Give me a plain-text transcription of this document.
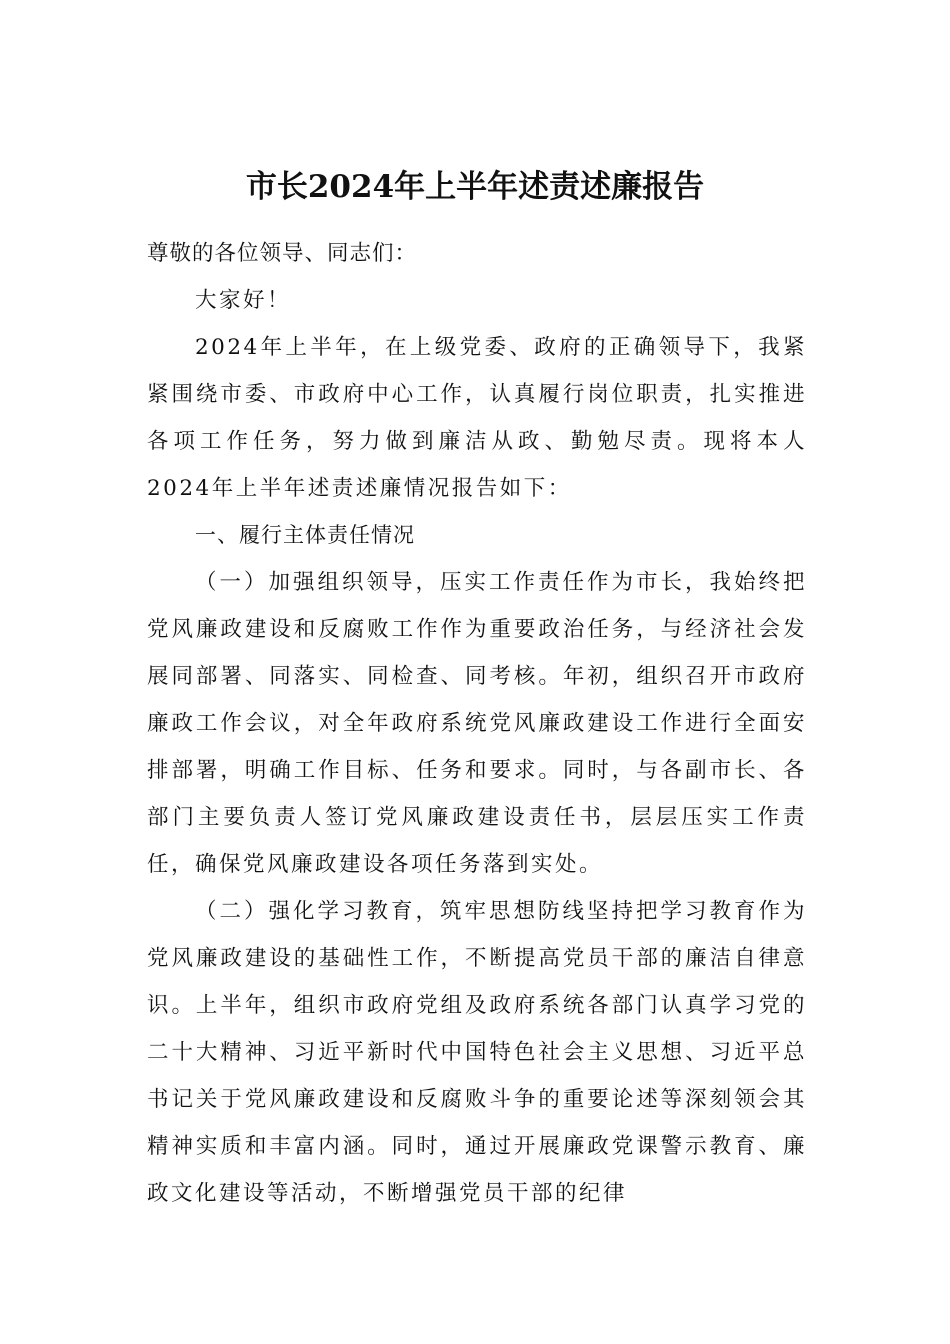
市长2024年上半年述责述廉报告

尊敬的各位领导、同志们：

大家好！

2024年上半年，在上级党委、政府的正确领导下，我紧紧围绕市委、市政府中心工作，认真履行岗位职责，扎实推进各项工作任务，努力做到廉洁从政、勤勉尽责。现将本人2024年上半年述责述廉情况报告如下：

一、履行主体责任情况

（一）加强组织领导，压实工作责任作为市长，我始终把党风廉政建设和反腐败工作作为重要政治任务，与经济社会发展同部署、同落实、同检查、同考核。年初，组织召开市政府廉政工作会议，对全年政府系统党风廉政建设工作进行全面安排部署，明确工作目标、任务和要求。同时，与各副市长、各部门主要负责人签订党风廉政建设责任书，层层压实工作责任，确保党风廉政建设各项任务落到实处。

（二）强化学习教育，筑牢思想防线坚持把学习教育作为党风廉政建设的基础性工作，不断提高党员干部的廉洁自律意识。上半年，组织市政府党组及政府系统各部门认真学习党的二十大精神、习近平新时代中国特色社会主义思想、习近平总书记关于党风廉政建设和反腐败斗争的重要论述等深刻领会其精神实质和丰富内涵。同时，通过开展廉政党课警示教育、廉政文化建设等活动，不断增强党员干部的纪律
